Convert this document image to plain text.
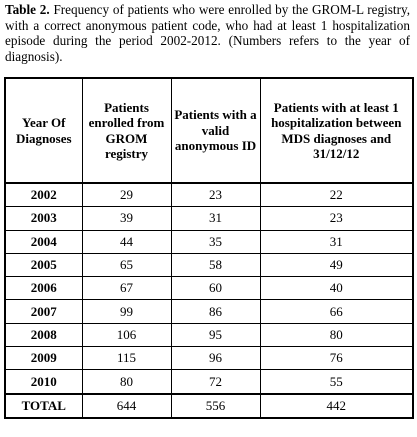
Table 2. Frequency of patients who were enrolled by the GROM-L registry, with a correct anonymous patient code, who had at least 1 hospitalization episode during the period 2002-2012. (Numbers refers to the year of diagnosis).
Year Of Diagnoses	Patients enrolled from GROM registry	Patients with a valid anonymous ID	Patients with at least 1 hospitalization between MDS diagnoses and 31/12/12
2002	29	23	22
2003	39	31	23
2004	44	35	31
2005	65	58	49
2006	67	60	40
2007	99	86	66
2008	106	95	80
2009	115	96	76
2010	80	72	55
TOTAL	644	556	442
